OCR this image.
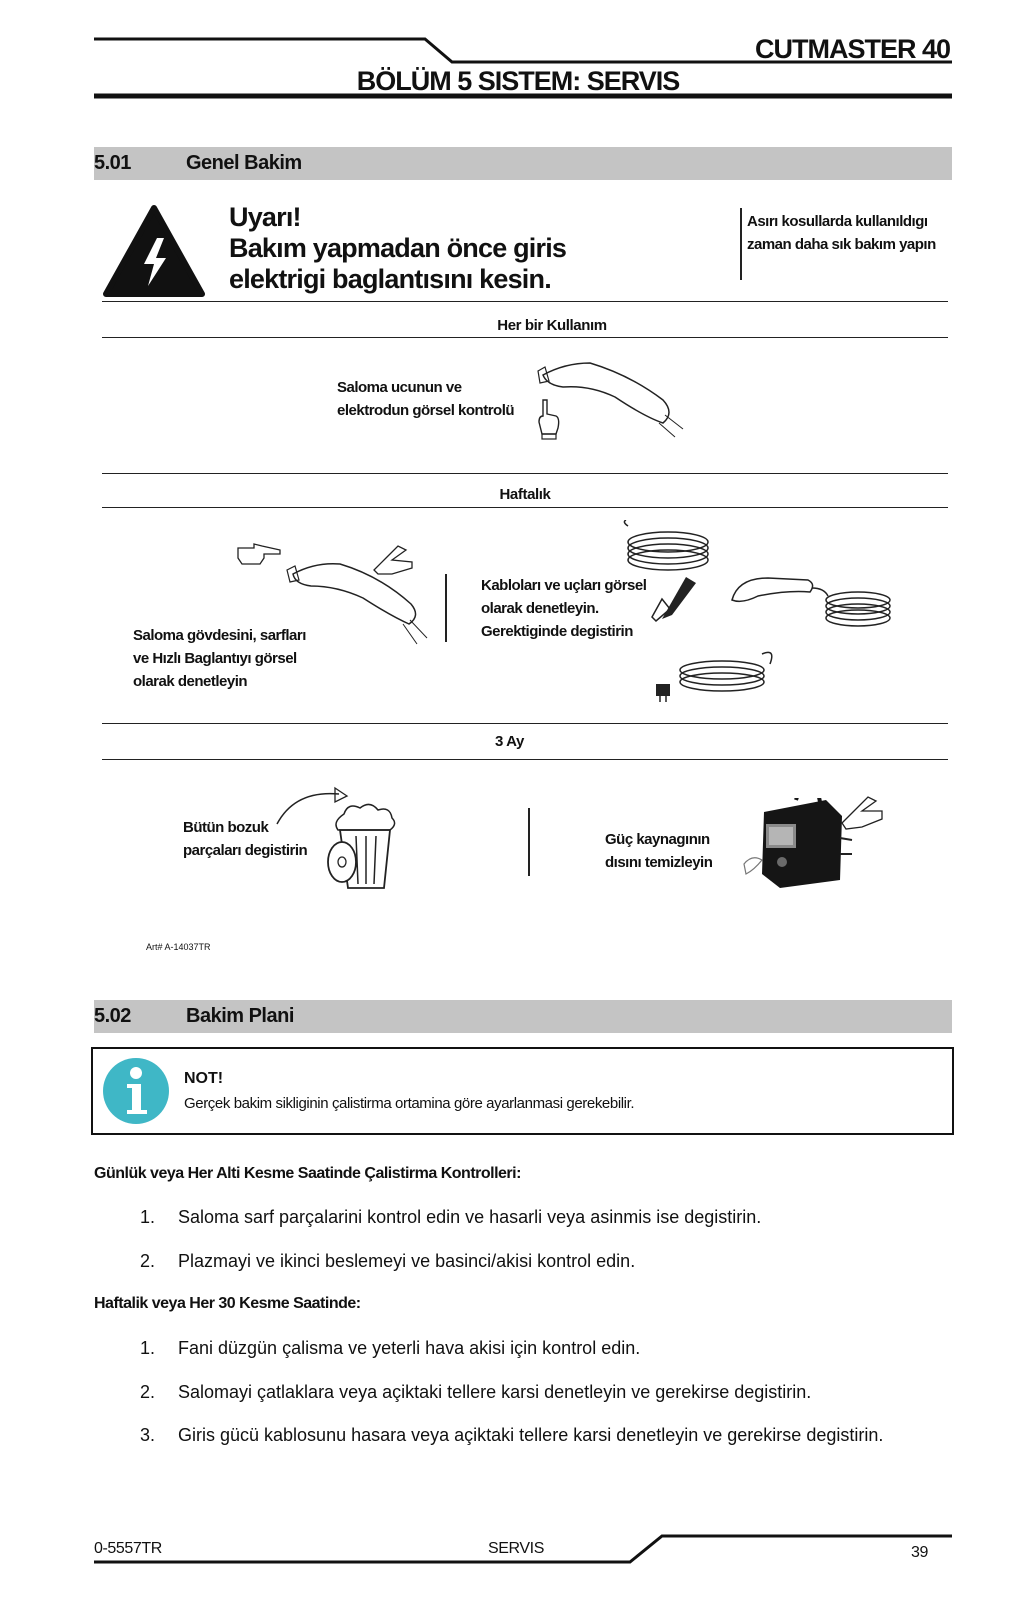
CUTMASTER 40
BÖLÜM 5 SISTEM: SERVIS
5.01	Genel Bakim
Uyarı!
Bakım yapmadan önce giris
elektrigi baglantısını kesin.
Asırı kosullarda kullanıldıgı
zaman daha sık bakım yapın
Her bir Kullanım
Saloma ucunun ve
elektrodun görsel kontrolü
Haftalık
Saloma gövdesini, sarfları
ve Hızlı Baglantıyı görsel
olarak denetleyin
Kabloları ve uçları görsel
olarak denetleyin.
Gerektiginde degistirin
3 Ay
Bütün bozuk
parçaları degistirin
Güç kaynagının
dısını temizleyin
Art# A-14037TR
5.02	Bakim Plani
NOT!
Gerçek bakim sikliginin çalistirma ortamina göre ayarlanmasi gerekebilir.
Günlük veya Her Alti Kesme Saatinde Çalistirma Kontrolleri:
1. Saloma sarf parçalarini kontrol edin ve hasarli veya asinmis ise degistirin.
2. Plazmayi ve ikinci beslemeyi ve basinci/akisi kontrol edin.
Haftalik veya Her 30 Kesme Saatinde:
1. Fani düzgün çalisma ve yeterli hava akisi için kontrol edin.
2. Salomayi çatlaklara veya açiktaki tellere karsi denetleyin ve gerekirse degistirin.
3. Giris gücü kablosunu hasara veya açiktaki tellere karsi denetleyin ve gerekirse degistirin.
0-5557TR	SERVIS	39
